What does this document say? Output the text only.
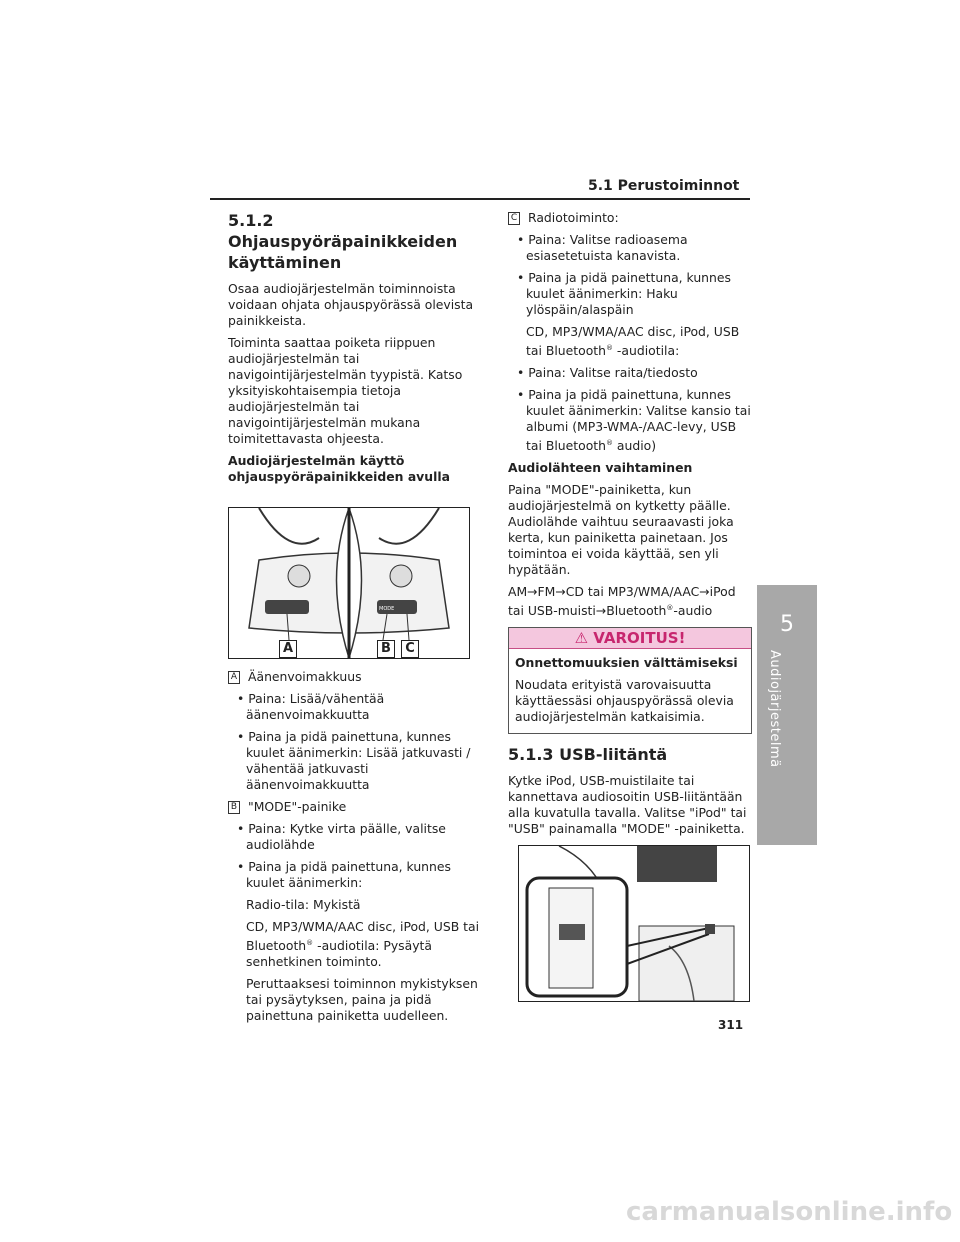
5.1 Perustoiminnot
5
Audiojärjestelmä
5.1.2 Ohjauspyöräpainikkeiden käyttäminen

Osaa audiojärjestelmän toiminnoista voidaan ohjata ohjauspyörässä olevista painikkeista.

Toiminta saattaa poiketa riippuen audiojärjestelmän tai navigointijärjestelmän tyypistä. Katso yksityiskohtaisempia tietoja audiojärjestelmän tai navigointijärjestelmän mukana toimitettavasta ohjeesta.

Audiojärjestelmän käyttö ohjauspyöräpainikkeiden avulla

MODE
A	B	C
A Äänenvoimakkuus

• Paina: Lisää/vähentää äänenvoimakkuutta

• Paina ja pidä painettuna, kunnes kuulet äänimerkin: Lisää jatkuvasti / vähentää jatkuvasti äänenvoimakkuutta

B "MODE"-painike

• Paina: Kytke virta päälle, valitse audiolähde

• Paina ja pidä painettuna, kunnes kuulet äänimerkin:

Radio-tila: Mykistä

CD, MP3/WMA/AAC disc, iPod, USB tai Bluetooth® -audiotila: Pysäytä senhetkinen toiminto.

Peruttaaksesi toiminnon mykistyksen tai pysäytyksen, paina ja pidä painettuna painiketta uudelleen.

C Radiotoiminto:

• Paina: Valitse radioasema esiasetetuista kanavista.

• Paina ja pidä painettuna, kunnes kuulet äänimerkin: Haku ylöspäin/alaspäin

CD, MP3/WMA/AAC disc, iPod, USB tai Bluetooth® -audiotila:

• Paina: Valitse raita/tiedosto

• Paina ja pidä painettuna, kunnes kuulet äänimerkin: Valitse kansio tai albumi (MP3-WMA-/AAC-levy, USB tai Bluetooth® audio)

Audiolähteen vaihtaminen

Paina "MODE"-painiketta, kun audiojärjestelmä on kytketty päälle. Audiolähde vaihtuu seuraavasti joka kerta, kun painiketta painetaan. Jos toimintoa ei voida käyttää, sen yli hypätään.

AM→FM→CD tai MP3/WMA/AAC→iPod tai USB-muisti→Bluetooth®-audio

⚠ VAROITUS!

Onnettomuuksien välttämiseksi

Noudata erityistä varovaisuutta käyttäessäsi ohjauspyörässä olevia audiojärjestelmän katkaisimia.

5.1.3 USB-liitäntä

Kytke iPod, USB-muistilaite tai kannettava audiosoitin USB-liitäntään alla kuvatulla tavalla. Valitse "iPod" tai "USB" painamalla "MODE" -painiketta.

311
carmanualsonline.info
